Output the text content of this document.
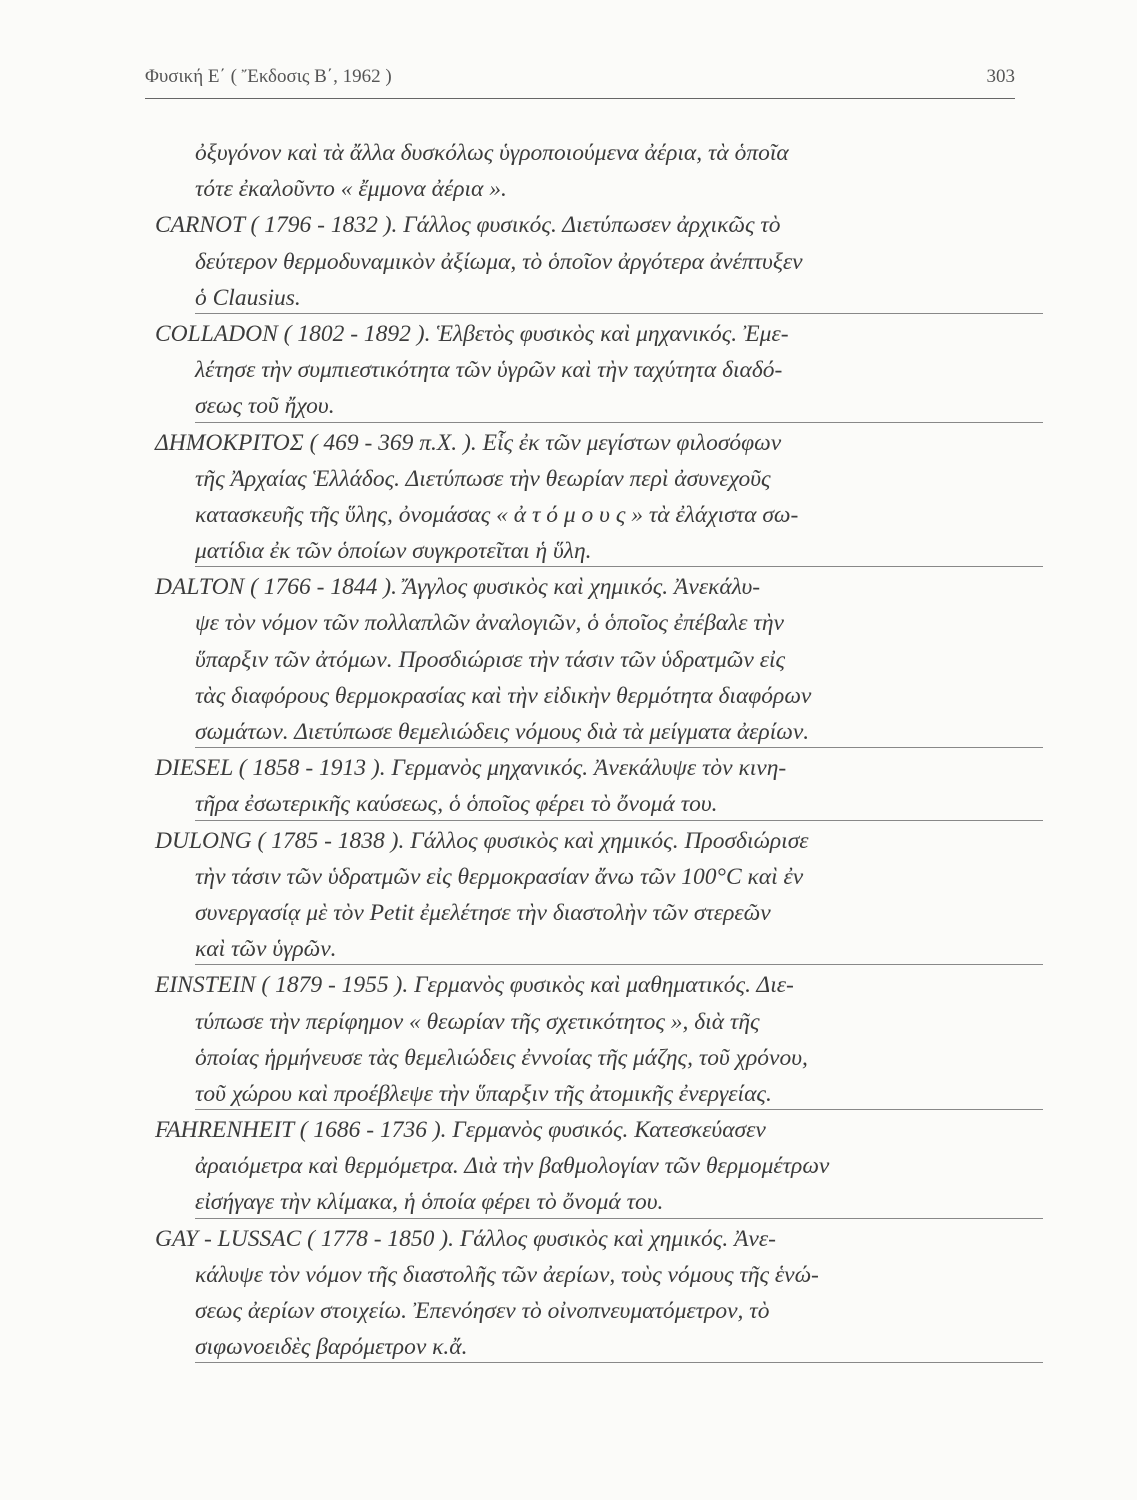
Φυσική Ε΄ ( Ἔκδοσις Β΄, 1962 )	303
ὀξυγόνον καὶ τὰ ἄλλα δυσκόλως ὑγροποιούμενα ἀέρια, τὰ ὁποῖα
τότε ἐκαλοῦντο « ἔμμονα ἀέρια ».
CARNOT ( 1796 - 1832 ). Γάλλος φυσικός. Διετύπωσεν ἀρχικῶς τὸ
δεύτερον θερμοδυναμικὸν ἀξίωμα, τὸ ὁποῖον ἀργότερα ἀνέπτυξεν
ὁ Clausius.
COLLADON ( 1802 - 1892 ). Ἑλβετὸς φυσικὸς καὶ μηχανικός. Ἐμε-
λέτησε τὴν συμπιεστικότητα τῶν ὑγρῶν καὶ τὴν ταχύτητα διαδό-
σεως τοῦ ἤχου.
ΔΗΜΟΚΡΙΤΟΣ ( 469 - 369 π.Χ. ). Εἷς ἐκ τῶν μεγίστων φιλοσόφων
τῆς Ἀρχαίας Ἑλλάδος. Διετύπωσε τὴν θεωρίαν περὶ ἀσυνεχοῦς
κατασκευῆς τῆς ὕλης, ὀνομάσας « ἀ τ ό μ ο υ ς » τὰ ἐλάχιστα σω-
ματίδια ἐκ τῶν ὁποίων συγκροτεῖται ἡ ὕλη.
DALTON ( 1766 - 1844 ). Ἄγγλος φυσικὸς καὶ χημικός. Ἀνεκάλυ-
ψε τὸν νόμον τῶν πολλαπλῶν ἀναλογιῶν, ὁ ὁποῖος ἐπέβαλε τὴν
ὕπαρξιν τῶν ἀτόμων. Προσδιώρισε τὴν τάσιν τῶν ὑδρατμῶν εἰς
τὰς διαφόρους θερμοκρασίας καὶ τὴν εἰδικὴν θερμότητα διαφόρων
σωμάτων. Διετύπωσε θεμελιώδεις νόμους διὰ τὰ μείγματα ἀερίων.
DIESEL ( 1858 - 1913 ). Γερμανὸς μηχανικός. Ἀνεκάλυψε τὸν κινη-
τῆρα ἐσωτερικῆς καύσεως, ὁ ὁποῖος φέρει τὸ ὄνομά του.
DULONG ( 1785 - 1838 ). Γάλλος φυσικὸς καὶ χημικός. Προσδιώρισε
τὴν τάσιν τῶν ὑδρατμῶν εἰς θερμοκρασίαν ἄνω τῶν 100°C καὶ ἐν
συνεργασίᾳ μὲ τὸν Petit ἐμελέτησε τὴν διαστολὴν τῶν στερεῶν
καὶ τῶν ὑγρῶν.
EINSTEIN ( 1879 - 1955 ). Γερμανὸς φυσικὸς καὶ μαθηματικός. Διε-
τύπωσε τὴν περίφημον « θεωρίαν τῆς σχετικότητος », διὰ τῆς
ὁποίας ἡρμήνευσε τὰς θεμελιώδεις ἐννοίας τῆς μάζης, τοῦ χρόνου,
τοῦ χώρου καὶ προέβλεψε τὴν ὕπαρξιν τῆς ἀτομικῆς ἐνεργείας.
FAHRENHEIT ( 1686 - 1736 ). Γερμανὸς φυσικός. Κατεσκεύασεν
ἀραιόμετρα καὶ θερμόμετρα. Διὰ τὴν βαθμολογίαν τῶν θερμομέτρων
εἰσήγαγε τὴν κλίμακα, ἡ ὁποία φέρει τὸ ὄνομά του.
GAY - LUSSAC ( 1778 - 1850 ). Γάλλος φυσικὸς καὶ χημικός. Ἀνε-
κάλυψε τὸν νόμον τῆς διαστολῆς τῶν ἀερίων, τοὺς νόμους τῆς ἑνώ-
σεως ἀερίων στοιχείω. Ἐπενόησεν τὸ οἰνοπνευματόμετρον, τὸ
σιφωνοειδὲς βαρόμετρον κ.ἄ.
